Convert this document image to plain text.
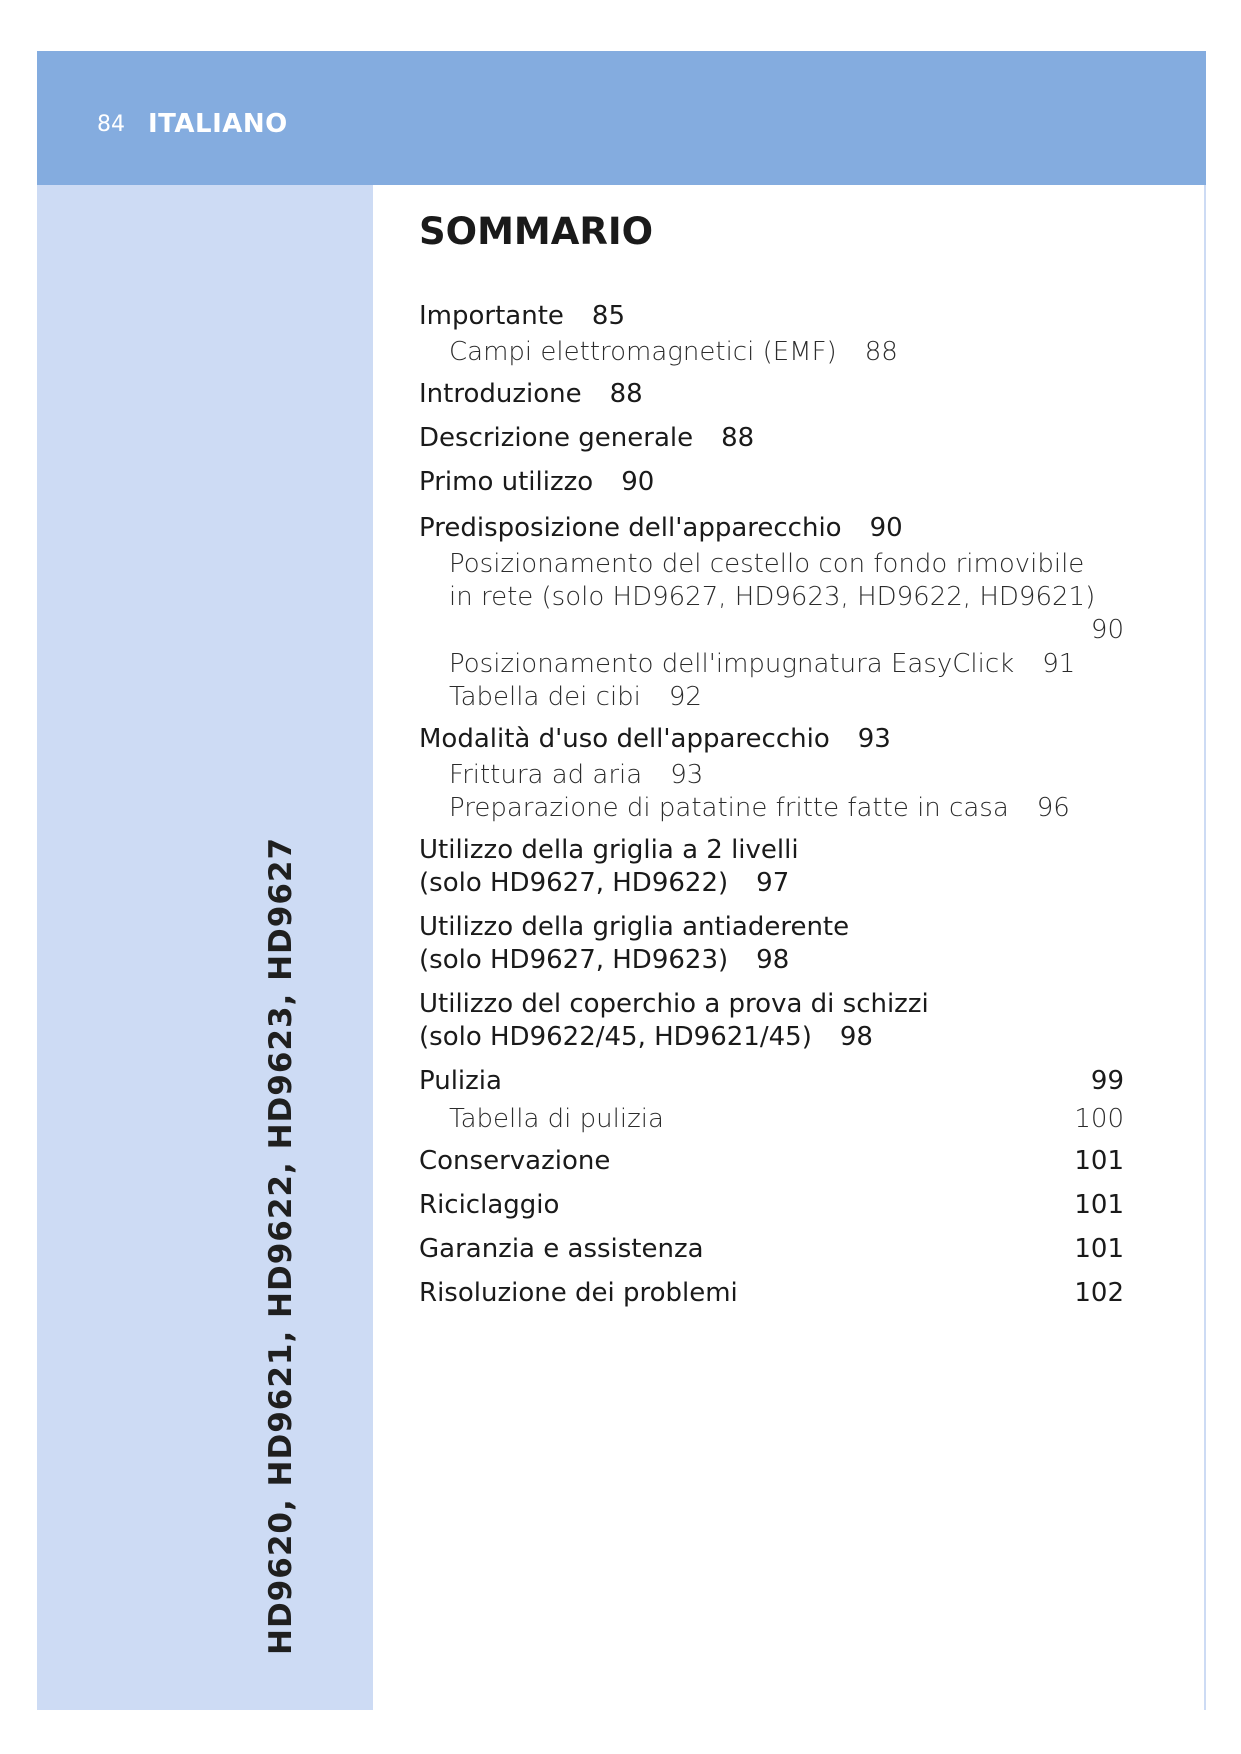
84 ITALIANO
HD9620, HD9621, HD9622, HD9623, HD9627
SOMMARIO
Importante 85
Campi elettromagnetici (EMF) 88
Introduzione 88
Descrizione generale 88
Primo utilizzo 90
Predisposizione dell'apparecchio 90
Posizionamento del cestello con fondo rimovibile
in rete (solo HD9627, HD9623, HD9622, HD9621)
90
Posizionamento dell'impugnatura EasyClick 91
Tabella dei cibi 92
Modalità d'uso dell'apparecchio 93
Frittura ad aria 93
Preparazione di patatine fritte fatte in casa 96
Utilizzo della griglia a 2 livelli
(solo HD9627, HD9622) 97
Utilizzo della griglia antiaderente
(solo HD9627, HD9623) 98
Utilizzo del coperchio a prova di schizzi
(solo HD9622/45, HD9621/45) 98
Pulizia	99
Tabella di pulizia	100
Conservazione	101
Riciclaggio	101
Garanzia e assistenza	101
Risoluzione dei problemi	102
